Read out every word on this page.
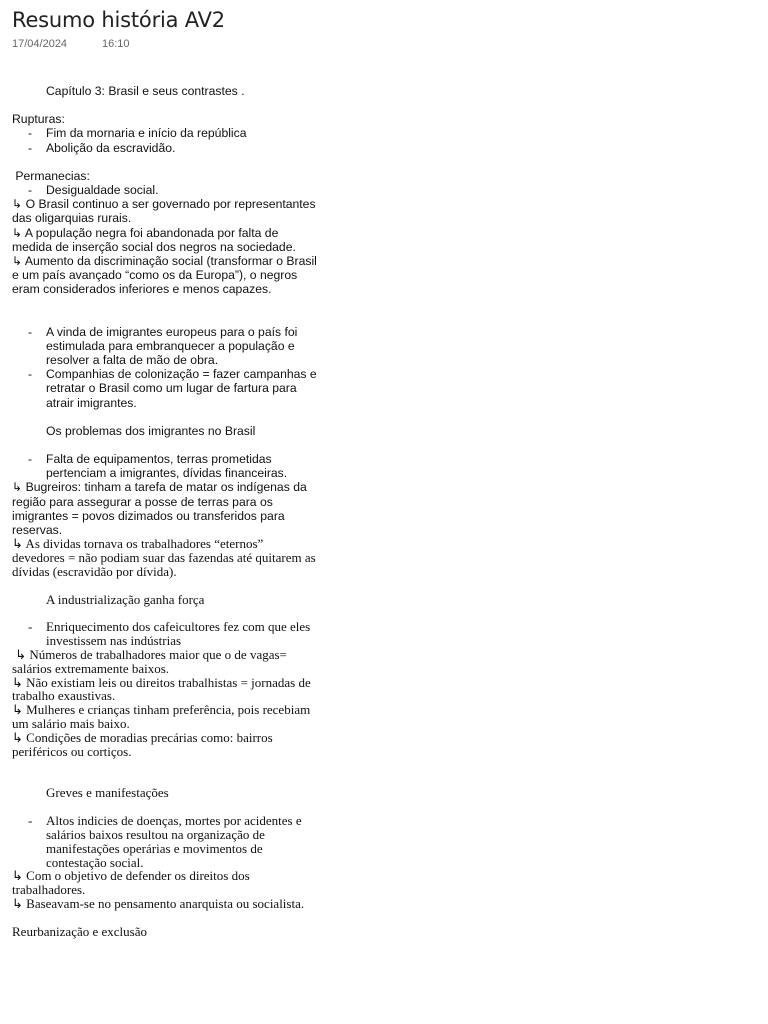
Resumo história AV2
17/04/2024	16:10

Capítulo 3: Brasil e seus contrastes .

Rupturas:

- Fim da mornaria e início da república
- Abolição da escravidão.

Permanecias:

- Desigualdade social.

↳ O Brasil continuo a ser governado por representantes das oligarquias rurais.

↳ A população negra foi abandonada por falta de medida de inserção social dos negros na sociedade.

↳ Aumento da discriminação social (transformar o Brasil e um país avançado “como os da Europa”), o negros eram considerados inferiores e menos capazes.

- A vinda de imigrantes europeus para o país foi estimulada para embranquecer a população e resolver a falta de mão de obra.
- Companhias de colonização = fazer campanhas e retratar o Brasil como um lugar de fartura para atrair imigrantes.

Os problemas dos imigrantes no Brasil

- Falta de equipamentos, terras prometidas pertenciam a imigrantes, dívidas financeiras.

↳ Bugreiros: tinham a tarefa de matar os indígenas da região para assegurar a posse de terras para os imigrantes = povos dizimados ou transferidos para reservas.

↳ As dividas tornava os trabalhadores “eternos” devedores = não podiam suar das fazendas até quitarem as

dívidas (escravidão por dívida).

A industrialização ganha força

- Enriquecimento dos cafeicultores fez com que eles investissem nas indústrias

↳ Números de trabalhadores maior que o de vagas= salários extremamente baixos.

↳ Não existiam leis ou direitos trabalhistas = jornadas de trabalho exaustivas.

↳ Mulheres e crianças tinham preferência, pois recebiam um salário mais baixo.

↳ Condições de moradias precárias como: bairros periféricos ou cortiços.

Greves e manifestações

- Altos indicies de doenças, mortes por acidentes e salários baixos resultou na organização de manifestações operárias e movimentos de contestação social.

↳ Com o objetivo de defender os direitos dos trabalhadores.

↳ Baseavam-se no pensamento anarquista ou socialista.

Reurbanização e exclusão
